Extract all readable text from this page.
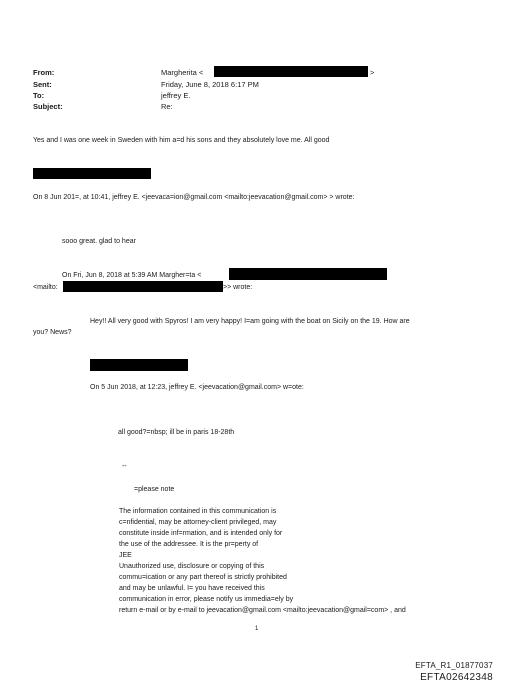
From:
Sent:
To:
Subject:
Margherita <	>
Friday, June 8, 2018 6:17 PM
jeffrey E.
Re:
Yes and I was one week in Sweden with him a=d his sons and they absolutely love me. All good
On 8 Jun 201=, at 10:41, jeffrey E. <jeevaca=ion@gmail.com <mailto:jeevacation@gmail.com> > wrote:
sooo great. glad to hear
On Fri, Jun 8, 2018 at 5:39 AM Margher=ta <
<mailto:	>> wrote:
Hey!! All very good with Spyros! I am very happy! I=am going with the boat on Sicily on the 19. How are
you? News?
On 5 Jun 2018, at 12:23, jeffrey E. <jeevacation@gmail.com> w=ote:
all good?=nbsp; ill be in paris 18-28th
--
=please note
The information contained in this communication is
c=nfidential, may be attorney-client privileged, may
constitute inside inf=rmation, and is intended only for
the use of the addressee. It is the pr=perty of
JEE
Unauthorized use, disclosure or copying of this
commu=ication or any part thereof is strictly prohibited
and may be unlawful. I= you have received this
communication in error, please notify us immedia=ely by
return e-mail or by e-mail to jeevacation@gmail.com <mailto:jeevacation@gmail=com> , and
1
EFTA_R1_01877037
EFTA02642348
